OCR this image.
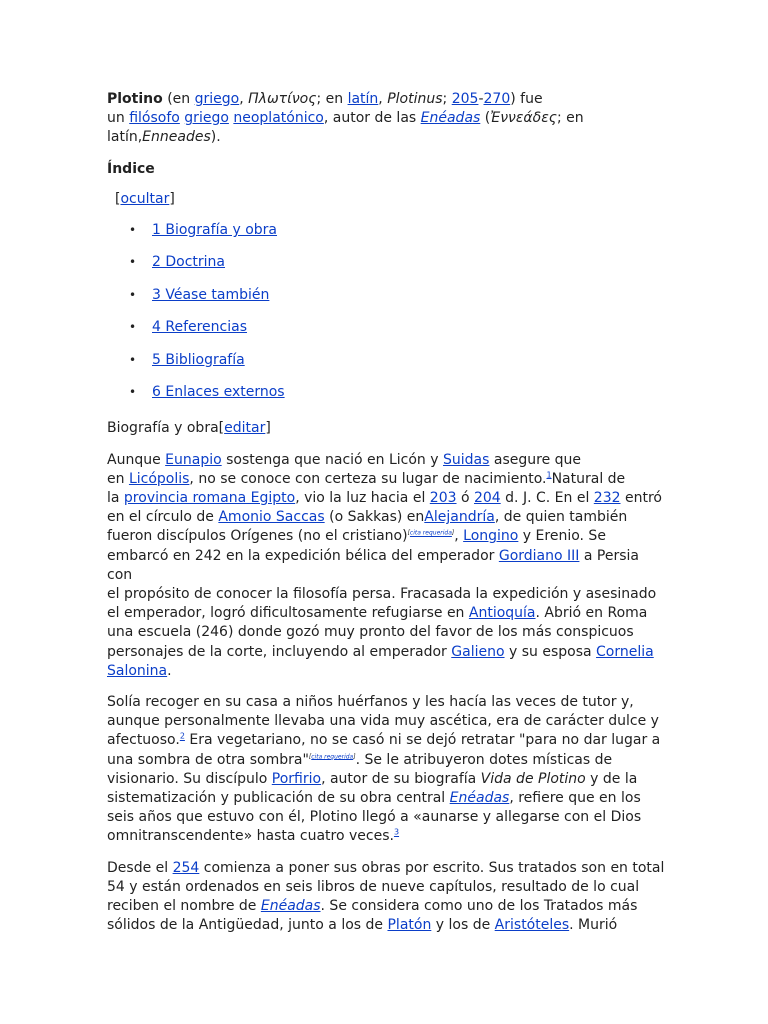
Plotino (en griego, Πλωτίνος; en latín, Plotinus; 205-270) fue
un filósofo griego neoplatónico, autor de las Enéadas (Ἐννεάδες; en
latín,Enneades).

Índice

[ocultar]

• 1 Biografía y obra
• 2 Doctrina
• 3 Véase también
• 4 Referencias
• 5 Bibliografía
• 6 Enlaces externos

Biografía y obra[editar]

Aunque Eunapio sostenga que nació en Licón y Suidas asegure que
en Licópolis, no se conoce con certeza su lugar de nacimiento.$^1$Natural de
la provincia romana Egipto, vio la luz hacia el 203 ó 204 d. J. C. En el 232 entró
en el círculo de Amonio Saccas (o Sakkas) enAlejandría, de quien también
fueron discípulos Orígenes (no el cristiano)[cita requerida], Longino y Erenio. Se
embarcó en 242 en la expedición bélica del emperador Gordiano III a Persia con
el propósito de conocer la filosofía persa. Fracasada la expedición y asesinado
el emperador, logró dificultosamente refugiarse en Antioquía. Abrió en Roma
una escuela (246) donde gozó muy pronto del favor de los más conspicuos
personajes de la corte, incluyendo al emperador Galieno y su esposa Cornelia
Salonina.

Solía recoger en su casa a niños huérfanos y les hacía las veces de tutor y,
aunque personalmente llevaba una vida muy ascética, era de carácter dulce y
afectuoso.$^2$ Era vegetariano, no se casó ni se dejó retratar "para no dar lugar a
una sombra de otra sombra"[cita requerida]. Se le atribuyeron dotes místicas de
visionario. Su discípulo Porfirio, autor de su biografía Vida de Plotino y de la
sistematización y publicación de su obra central Enéadas, refiere que en los
seis años que estuvo con él, Plotino llegó a «aunarse y allegarse con el Dios
omnitranscendente» hasta cuatro veces.$^3$

Desde el 254 comienza a poner sus obras por escrito. Sus tratados son en total
54 y están ordenados en seis libros de nueve capítulos, resultado de lo cual
reciben el nombre de Enéadas. Se considera como uno de los Tratados más
sólidos de la Antigüedad, junto a los de Platón y los de Aristóteles. Murió
